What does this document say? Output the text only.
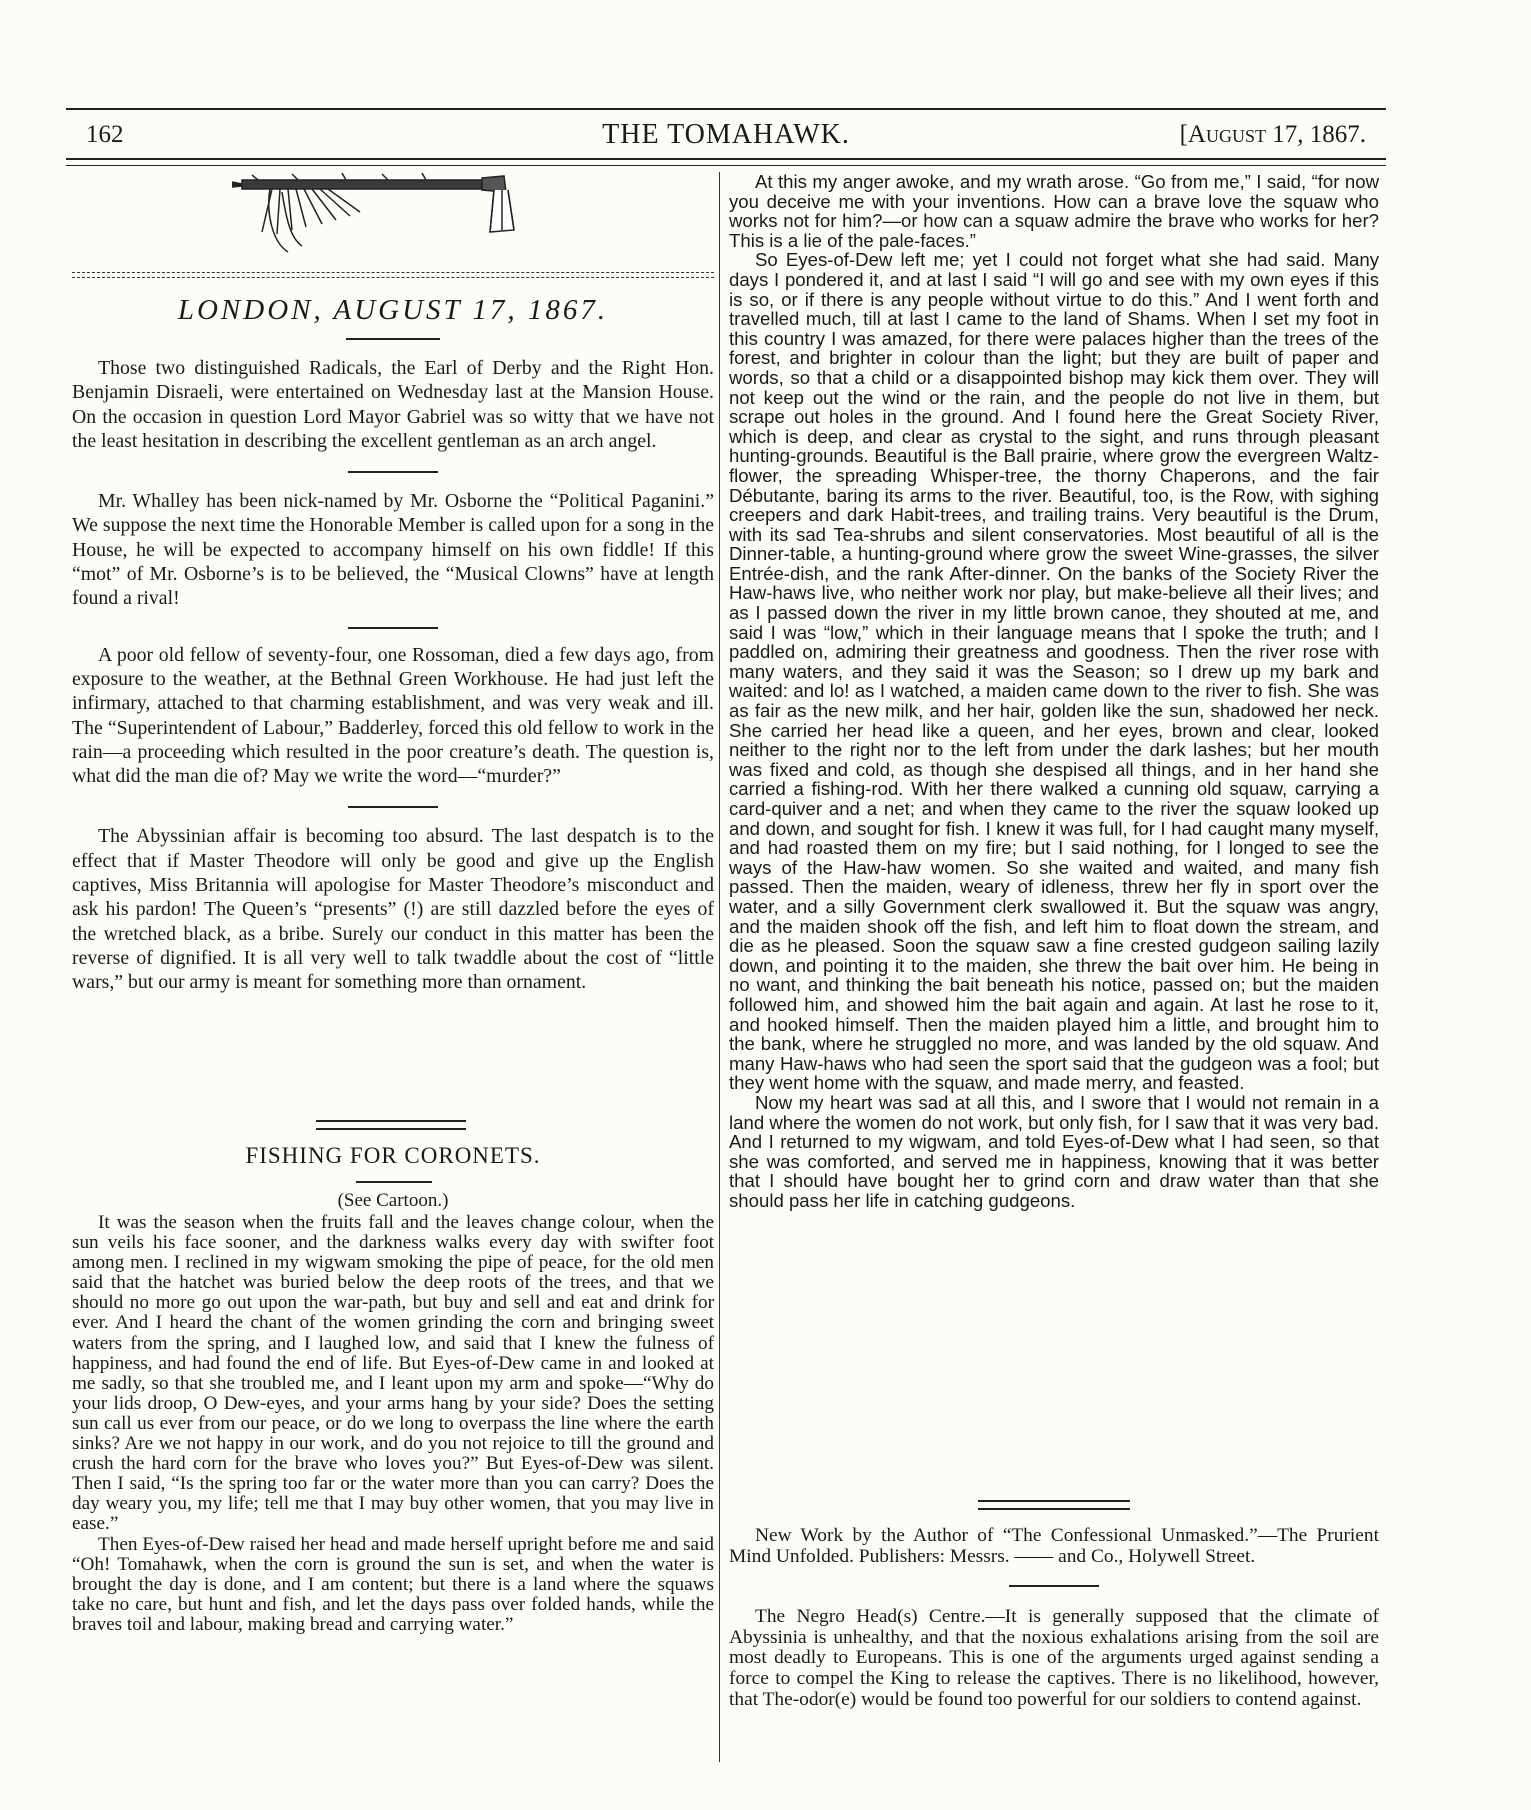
162	THE TOMAHAWK.	[August 17, 1867.
LONDON, AUGUST 17, 1867.

Those two distinguished Radicals, the Earl of Derby and the Right Hon. Benjamin Disraeli, were entertained on Wednesday last at the Mansion House. On the occasion in question Lord Mayor Gabriel was so witty that we have not the least hesitation in describing the excellent gentleman as an arch angel.

Mr. Whalley has been nick-named by Mr. Osborne the “Political Paganini.” We suppose the next time the Honorable Member is called upon for a song in the House, he will be expected to accompany himself on his own fiddle! If this “mot” of Mr. Osborne’s is to be believed, the “Musical Clowns” have at length found a rival!

A poor old fellow of seventy-four, one Rossoman, died a few days ago, from exposure to the weather, at the Bethnal Green Workhouse. He had just left the infirmary, attached to that charming establishment, and was very weak and ill. The “Superintendent of Labour,” Badderley, forced this old fellow to work in the rain—a proceeding which resulted in the poor creature’s death. The question is, what did the man die of? May we write the word—“murder?”

The Abyssinian affair is becoming too absurd. The last despatch is to the effect that if Master Theodore will only be good and give up the English captives, Miss Britannia will apologise for Master Theodore’s misconduct and ask his pardon! The Queen’s “presents” (!) are still dazzled before the eyes of the wretched black, as a bribe. Surely our conduct in this matter has been the reverse of dignified. It is all very well to talk twaddle about the cost of “little wars,” but our army is meant for something more than ornament.

FISHING FOR CORONETS.
(See Cartoon.)

It was the season when the fruits fall and the leaves change colour, when the sun veils his face sooner, and the darkness walks every day with swifter foot among men. I reclined in my wigwam smoking the pipe of peace, for the old men said that the hatchet was buried below the deep roots of the trees, and that we should no more go out upon the war-path, but buy and sell and eat and drink for ever. And I heard the chant of the women grinding the corn and bringing sweet waters from the spring, and I laughed low, and said that I knew the fulness of happiness, and had found the end of life. But Eyes-of-Dew came in and looked at me sadly, so that she troubled me, and I leant upon my arm and spoke—“Why do your lids droop, O Dew-eyes, and your arms hang by your side? Does the setting sun call us ever from our peace, or do we long to overpass the line where the earth sinks? Are we not happy in our work, and do you not rejoice to till the ground and crush the hard corn for the brave who loves you?” But Eyes-of-Dew was silent. Then I said, “Is the spring too far or the water more than you can carry? Does the day weary you, my life; tell me that I may buy other women, that you may live in ease.”

Then Eyes-of-Dew raised her head and made herself upright before me and said “Oh! Tomahawk, when the corn is ground the sun is set, and when the water is brought the day is done, and I am content; but there is a land where the squaws take no care, but hunt and fish, and let the days pass over folded hands, while the braves toil and labour, making bread and carrying water.”

At this my anger awoke, and my wrath arose. “Go from me,” I said, “for now you deceive me with your inventions. How can a brave love the squaw who works not for him?—or how can a squaw admire the brave who works for her? This is a lie of the pale-faces.”

So Eyes-of-Dew left me; yet I could not forget what she had said. Many days I pondered it, and at last I said “I will go and see with my own eyes if this is so, or if there is any people without virtue to do this.” And I went forth and travelled much, till at last I came to the land of Shams. When I set my foot in this country I was amazed, for there were palaces higher than the trees of the forest, and brighter in colour than the light; but they are built of paper and words, so that a child or a disappointed bishop may kick them over. They will not keep out the wind or the rain, and the people do not live in them, but scrape out holes in the ground. And I found here the Great Society River, which is deep, and clear as crystal to the sight, and runs through pleasant hunting-grounds. Beautiful is the Ball prairie, where grow the evergreen Waltz-flower, the spreading Whisper-tree, the thorny Chaperons, and the fair Débutante, baring its arms to the river. Beautiful, too, is the Row, with sighing creepers and dark Habit-trees, and trailing trains. Very beautiful is the Drum, with its sad Tea-shrubs and silent conservatories. Most beautiful of all is the Dinner-table, a hunting-ground where grow the sweet Wine-grasses, the silver Entrée-dish, and the rank After-dinner. On the banks of the Society River the Haw-haws live, who neither work nor play, but make-believe all their lives; and as I passed down the river in my little brown canoe, they shouted at me, and said I was “low,” which in their language means that I spoke the truth; and I paddled on, admiring their greatness and goodness. Then the river rose with many waters, and they said it was the Season; so I drew up my bark and waited: and lo! as I watched, a maiden came down to the river to fish. She was as fair as the new milk, and her hair, golden like the sun, shadowed her neck. She carried her head like a queen, and her eyes, brown and clear, looked neither to the right nor to the left from under the dark lashes; but her mouth was fixed and cold, as though she despised all things, and in her hand she carried a fishing-rod. With her there walked a cunning old squaw, carrying a card-quiver and a net; and when they came to the river the squaw looked up and down, and sought for fish. I knew it was full, for I had caught many myself, and had roasted them on my fire; but I said nothing, for I longed to see the ways of the Haw-haw women. So she waited and waited, and many fish passed. Then the maiden, weary of idleness, threw her fly in sport over the water, and a silly Government clerk swallowed it. But the squaw was angry, and the maiden shook off the fish, and left him to float down the stream, and die as he pleased. Soon the squaw saw a fine crested gudgeon sailing lazily down, and pointing it to the maiden, she threw the bait over him. He being in no want, and thinking the bait beneath his notice, passed on; but the maiden followed him, and showed him the bait again and again. At last he rose to it, and hooked himself. Then the maiden played him a little, and brought him to the bank, where he struggled no more, and was landed by the old squaw. And many Haw-haws who had seen the sport said that the gudgeon was a fool; but they went home with the squaw, and made merry, and feasted.

Now my heart was sad at all this, and I swore that I would not remain in a land where the women do not work, but only fish, for I saw that it was very bad. And I returned to my wigwam, and told Eyes-of-Dew what I had seen, so that she was comforted, and served me in happiness, knowing that it was better that I should have bought her to grind corn and draw water than that she should pass her life in catching gudgeons.

New Work by the Author of “The Confessional Unmasked.”—The Prurient Mind Unfolded. Publishers: Messrs. —— and Co., Holywell Street.

The Negro Head(s) Centre.—It is generally supposed that the climate of Abyssinia is unhealthy, and that the noxious exhalations arising from the soil are most deadly to Europeans. This is one of the arguments urged against sending a force to compel the King to release the captives. There is no likelihood, however, that The-odor(e) would be found too powerful for our soldiers to contend against.
